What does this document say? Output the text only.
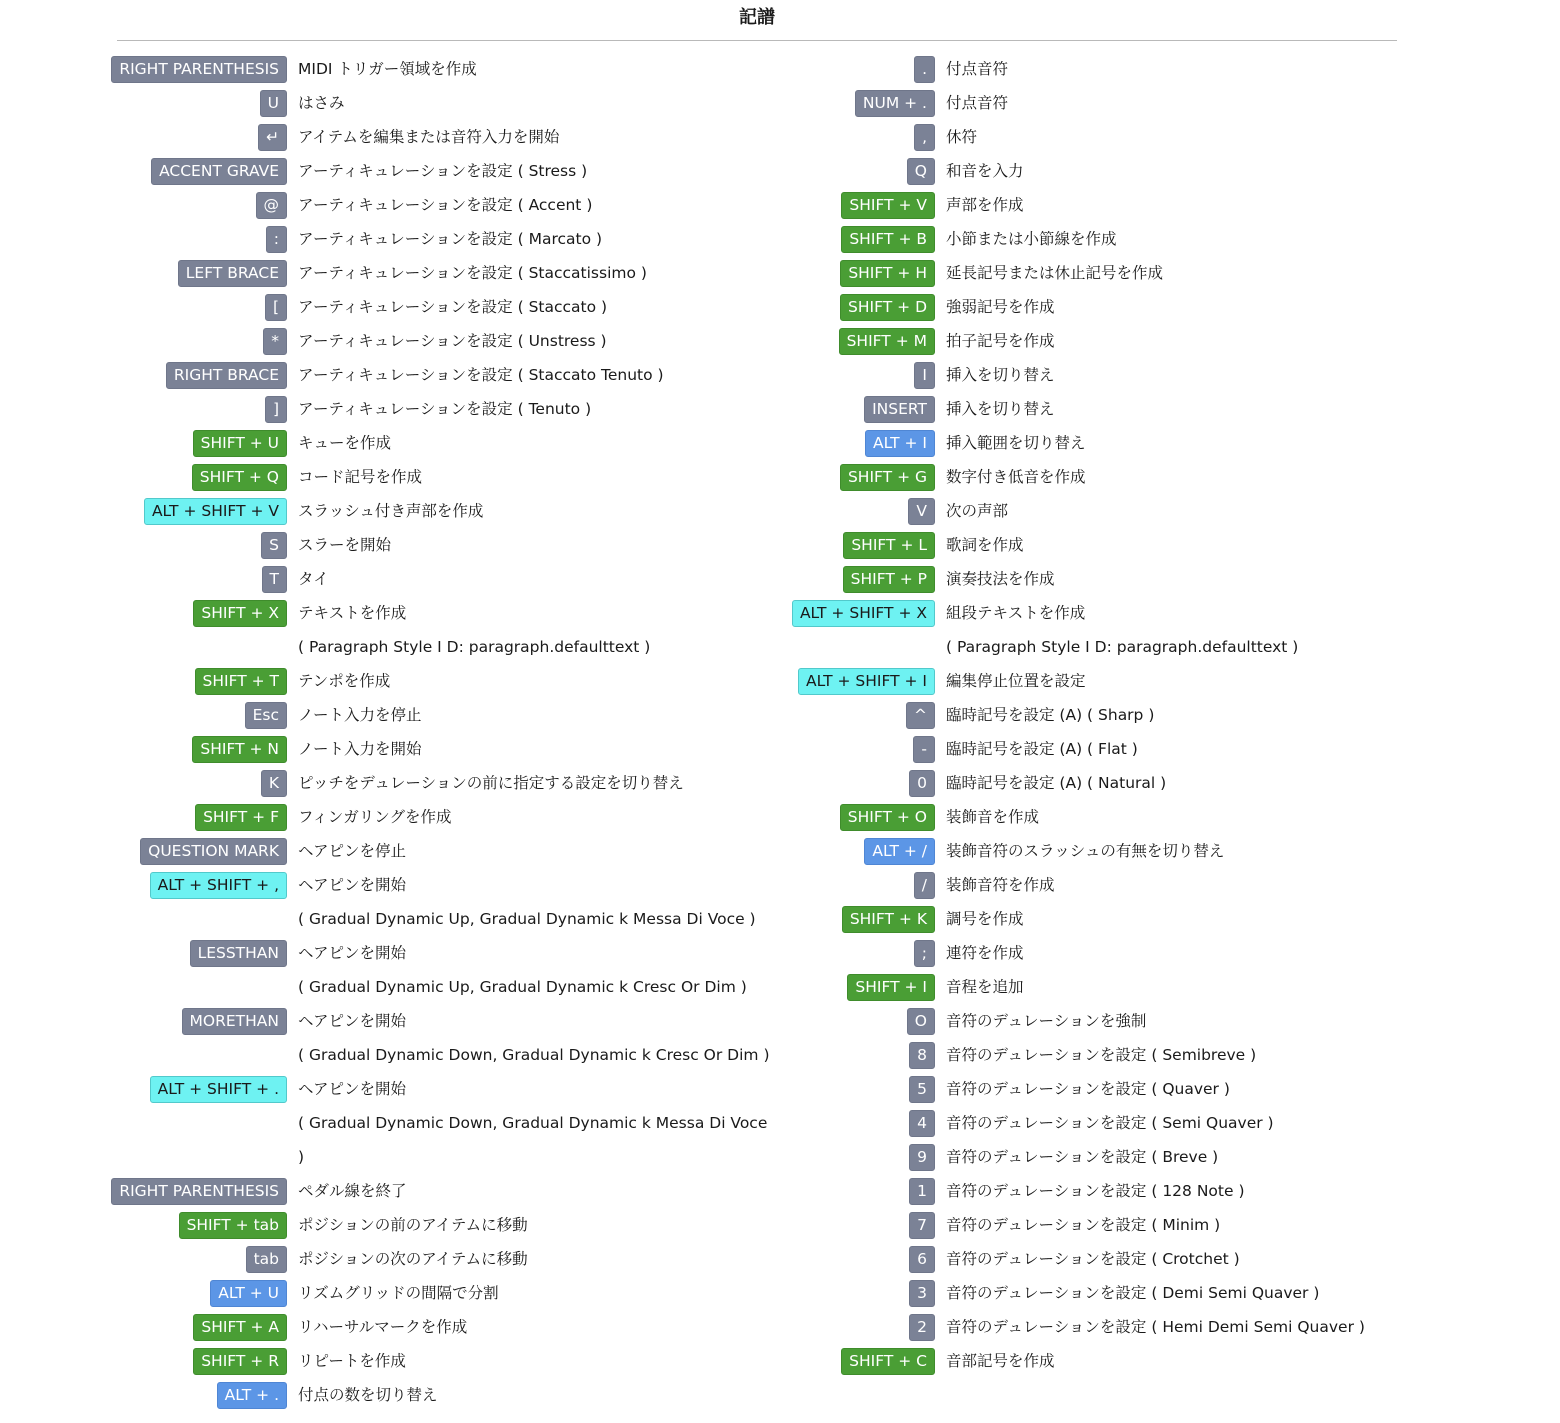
記譜
RIGHT PARENTHESIS	MIDI トリガー領域を作成
U	はさみ
↵	アイテムを編集または音符入力を開始
ACCENT GRAVE	アーティキュレーションを設定 ( Stress )
@	アーティキュレーションを設定 ( Accent )
:	アーティキュレーションを設定 ( Marcato )
LEFT BRACE	アーティキュレーションを設定 ( Staccatissimo )
[	アーティキュレーションを設定 ( Staccato )
*	アーティキュレーションを設定 ( Unstress )
RIGHT BRACE	アーティキュレーションを設定 ( Staccato Tenuto )
]	アーティキュレーションを設定 ( Tenuto )
SHIFT + U	キューを作成
SHIFT + Q	コード記号を作成
ALT + SHIFT + V	スラッシュ付き声部を作成
S	スラーを開始
T	タイ
SHIFT + X	テキストを作成
( Paragraph Style I D: paragraph.defaulttext )
SHIFT + T	テンポを作成
Esc	ノート入力を停止
SHIFT + N	ノート入力を開始
K	ピッチをデュレーションの前に指定する設定を切り替え
SHIFT + F	フィンガリングを作成
QUESTION MARK	ヘアピンを停止
ALT + SHIFT + ,	ヘアピンを開始
( Gradual Dynamic Up, Gradual Dynamic k Messa Di Voce )
LESSTHAN	ヘアピンを開始
( Gradual Dynamic Up, Gradual Dynamic k Cresc Or Dim )
MORETHAN	ヘアピンを開始
( Gradual Dynamic Down, Gradual Dynamic k Cresc Or Dim )
ALT + SHIFT + .	ヘアピンを開始
( Gradual Dynamic Down, Gradual Dynamic k Messa Di Voce
)
RIGHT PARENTHESIS	ペダル線を終了
SHIFT + tab	ポジションの前のアイテムに移動
tab	ポジションの次のアイテムに移動
ALT + U	リズムグリッドの間隔で分割
SHIFT + A	リハーサルマークを作成
SHIFT + R	リピートを作成
ALT + .	付点の数を切り替え
.	付点音符
NUM + .	付点音符
,	休符
Q	和音を入力
SHIFT + V	声部を作成
SHIFT + B	小節または小節線を作成
SHIFT + H	延長記号または休止記号を作成
SHIFT + D	強弱記号を作成
SHIFT + M	拍子記号を作成
I	挿入を切り替え
INSERT	挿入を切り替え
ALT + I	挿入範囲を切り替え
SHIFT + G	数字付き低音を作成
V	次の声部
SHIFT + L	歌詞を作成
SHIFT + P	演奏技法を作成
ALT + SHIFT + X	組段テキストを作成
( Paragraph Style I D: paragraph.defaulttext )
ALT + SHIFT + I	編集停止位置を設定
^	臨時記号を設定 (A) ( Sharp )
-	臨時記号を設定 (A) ( Flat )
0	臨時記号を設定 (A) ( Natural )
SHIFT + O	装飾音を作成
ALT + /	装飾音符のスラッシュの有無を切り替え
/	装飾音符を作成
SHIFT + K	調号を作成
;	連符を作成
SHIFT + I	音程を追加
O	音符のデュレーションを強制
8	音符のデュレーションを設定 ( Semibreve )
5	音符のデュレーションを設定 ( Quaver )
4	音符のデュレーションを設定 ( Semi Quaver )
9	音符のデュレーションを設定 ( Breve )
1	音符のデュレーションを設定 ( 128 Note )
7	音符のデュレーションを設定 ( Minim )
6	音符のデュレーションを設定 ( Crotchet )
3	音符のデュレーションを設定 ( Demi Semi Quaver )
2	音符のデュレーションを設定 ( Hemi Demi Semi Quaver )
SHIFT + C	音部記号を作成
